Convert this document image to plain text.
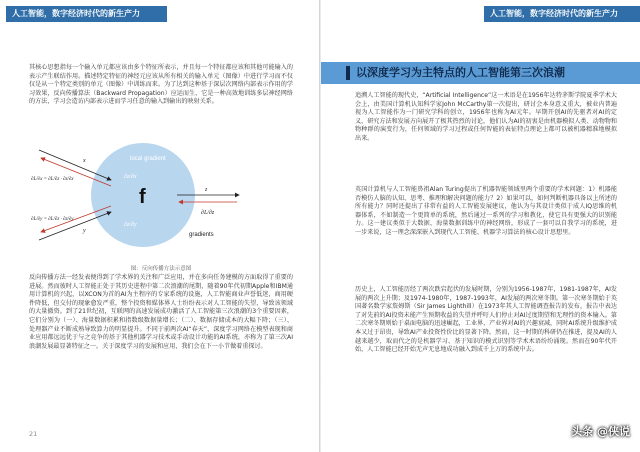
人工智能，数字经济时代的新生产力
其核心思想指每一个输入单元都应该由多个特征所表示，并且每一个特征都应该和其他可能输入的表示产生联结作用。描述特定特征的神经元应该从所有相关的输入单元（图像）中进行学习而不仅仅是从一个特定类别的单元（图像）中训练而来。为了达到这种基于深层次网络内部表示作用的学习效果，反向传播算法（Backward Propagation）应运而生，它是一种高效地训练多层神经网络的方法，学习会造访内部表示进而学习任意的输入到输出的映射关系。
local gradient
f
∂z/∂x
∂z/∂y
x
y
z
∂L/∂z
∂L/∂x = ∂L/∂z · ∂z/∂x
∂L/∂y = ∂L/∂z · ∂z/∂y
gradients
图：反向传播方法示意图
反向传播方法一经发表便得到了学术界的关注和广泛应用，并在多向任务建模的方面取得了重要的进展。然而彼时人工智能正处于其历史进程中第二次浪潮的尾期，随着90年代初期Apple和IBM通用计算机的兴起，以XCON为首的AI为主程序的专家系统的设施，人工智能商业声誉低迷，商用硬件降低，但交付的现象愈发严重，整个投资和媒体界人士纷纷表示对人工智能的失望，导致该领域的大量撤资。到了21世纪初，互联网的高速发展成功激活了人工智能第三次浪潮的3个重要因素，它们分别为（一）、海量数据积累和指数级数据量增长；（二）、数据存储成本的大幅下降；（三）、处理器产业不断成熟导致算力的明显提升。不同于前两次AI“春天”，深度学习网络在模型表现和商业应用都远远优于与之竞争的基于其他机器学习技术或手动设计功能的AI系统，亦称为了第三次AI浪潮发展最显著特征之一。关于深度学习的发展和应用，我们会在下一小节做着重探讨。
21
人工智能，数字经济时代的新生产力
以深度学习为主特点的人工智能第三次浪潮
追溯人工智能的现代史，“Artificial Intelligence”这一术语是在1956年达特茅斯学院夏季学术大会上，由美国计算机认知科学家John McCarthy第一次提出，研讨会本身意义重大，被业内普遍视为人工智能作为一门研究学科的创立，1956年也称为AI元年。早期开创AI的先驱者对AI的定义，研究方法和发展方向展开了极其热烈的讨论，他们认为AI的初衷是由机器模拟人类、动物物和物种群的演变行为，任何领域的学习过程或任何智能的表征特点理论上都可以被机器精准地模拟出来。
英国计算机与人工智能鼻祖Alan Turing提出了机器智能领域里两个重要的学术问题：1）机器能否模仿人脑的认知、思考、推理和解决问题的能力？2）如果可以，如何判断机器具备以上所述的所有能力？同时还提出了非常有益的人工智能发展建议，他认为与其设计类似于成人IQ思维的机器体系，不如制造一个更简单的系统，然后通过一系列的学习和教化，使它具有更强大的识别能力。这一建议类似于大数据、海量数据训练中的神经网络，形成了一套可以自我学习的系统，进一步来说，这一理念深深嵌入到现代人工智能、机器学习算法的核心设计思想里。
历史上，人工智能历经了两次跌宕起伏的发展时期，分别为1956-1987年，1981-1987年，AI发展的两次上升期；及1974-1980年，1987-1993年，AI发展的两次寒冬期。第一次寒冬期始于英国著名数学家詹姆斯（Sir James Lighthill）在1973年其人工智能调查报告的发布，报告中表达了对先前的AI投资未能产生预期收益的失望并呼吁人们停止对AI过度期望和无理性的资本输入。第二次寒冬期则始于桌面电脑的迅速崛起，工业界、产业界对AI的兴趣衰减，同时AI系统升级维护成本又过于昂贵，导致AI产业投资性价比的显著下降。然而，这一时期的科研仍在推进，提及AI的人越来越少，取而代之的是机器学习、基于知识的模式识别等学术术语纷纷涌现。然而在90年代开始，人工智能已经开始无声无息地成功融入到成千上万的系统中去。
头条 @侠说
